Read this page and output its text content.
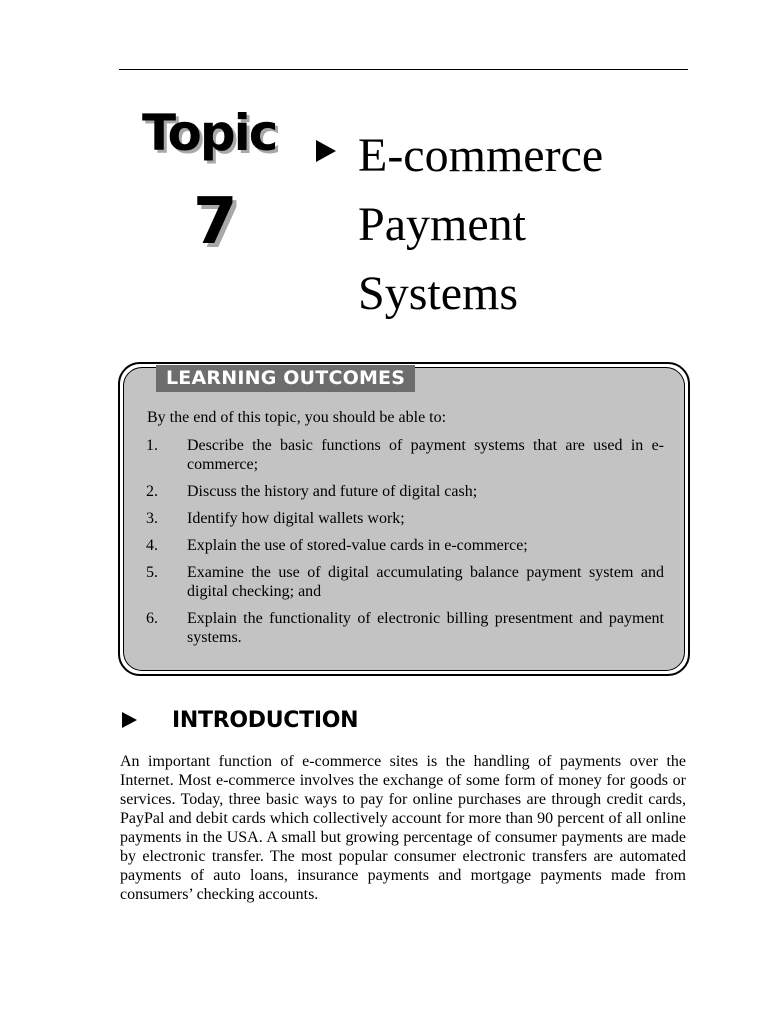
Topic
7
E-commerce
Payment
Systems
LEARNING OUTCOMES
By the end of this topic, you should be able to:
1.	Describe the basic functions of payment systems that are used in e-commerce;
2.	Discuss the history and future of digital cash;
3.	Identify how digital wallets work;
4.	Explain the use of stored-value cards in e-commerce;
5.	Examine the use of digital accumulating balance payment system and digital checking; and
6.	Explain the functionality of electronic billing presentment and payment systems.
INTRODUCTION

An important function of e-commerce sites is the handling of payments over the Internet. Most e-commerce involves the exchange of some form of money for goods or services. Today, three basic ways to pay for online purchases are through credit cards, PayPal and debit cards which collectively account for more than 90 percent of all online payments in the USA. A small but growing percentage of consumer payments are made by electronic transfer. The most popular consumer electronic transfers are automated payments of auto loans, insurance payments and mortgage payments made from consumers’ checking accounts.
